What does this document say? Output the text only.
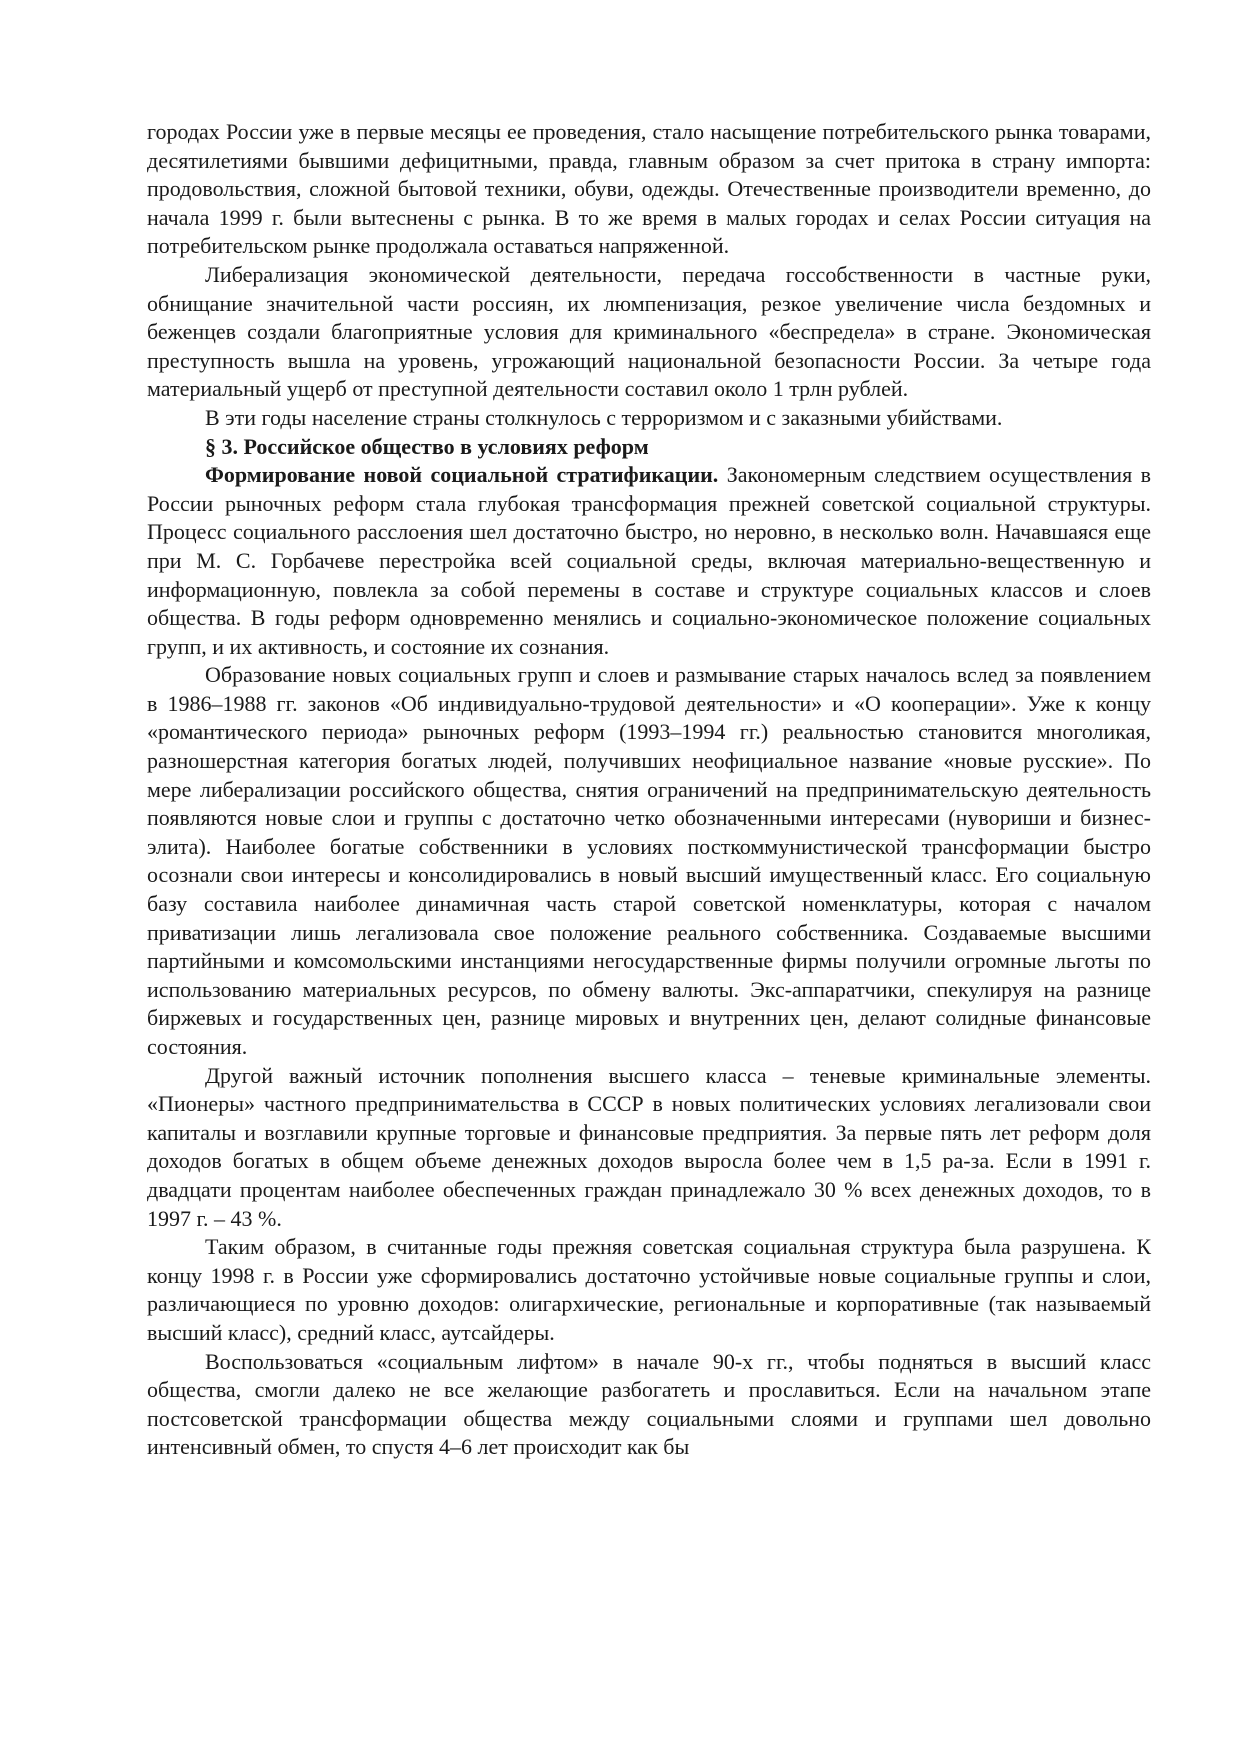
городах России уже в первые месяцы ее проведения, стало насыщение потребительского рынка товарами, десятилетиями бывшими дефицитными, правда, главным образом за счет притока в страну импорта: продовольствия, сложной бытовой техники, обуви, одежды. Отечественные производители временно, до начала 1999 г. были вытеснены с рынка. В то же время в малых городах и селах России ситуация на потребительском рынке продолжала оставаться напряженной.

Либерализация экономической деятельности, передача госсобственности в частные руки, обнищание значительной части россиян, их люмпенизация, резкое увеличение числа бездомных и беженцев создали благоприятные условия для криминального «беспредела» в стране. Экономическая преступность вышла на уровень, угрожающий национальной безопасности России. За четыре года материальный ущерб от преступной деятельности составил около 1 трлн рублей.

В эти годы население страны столкнулось с терроризмом и с заказными убийствами.

§ 3. Российское общество в условиях реформ

Формирование новой социальной стратификации. Закономерным следствием осуществления в России рыночных реформ стала глубокая трансформация прежней советской социальной структуры. Процесс социального расслоения шел достаточно быстро, но неровно, в несколько волн. Начавшаяся еще при М. С. Горбачеве перестройка всей социальной среды, включая материально-вещественную и информационную, повлекла за собой перемены в составе и структуре социальных классов и слоев общества. В годы реформ одновременно менялись и социально-экономическое положение социальных групп, и их активность, и состояние их сознания.

Образование новых социальных групп и слоев и размывание старых началось вслед за появлением в 1986–1988 гг. законов «Об индивидуально-трудовой деятельности» и «О кооперации». Уже к концу «романтического периода» рыночных реформ (1993–1994 гг.) реальностью становится многоликая, разношерстная категория богатых людей, получивших неофициальное название «новые русские». По мере либерализации российского общества, снятия ограничений на предпринимательскую деятельность появляются новые слои и группы с достаточно четко обозначенными интересами (нувориши и бизнес-элита). Наиболее богатые собственники в условиях посткоммунистической трансформации быстро осознали свои интересы и консолидировались в новый высший имущественный класс. Его социальную базу составила наиболее динамичная часть старой советской номенклатуры, которая с началом приватизации лишь легализовала свое положение реального собственника. Создаваемые высшими партийными и комсомольскими инстанциями негосударственные фирмы получили огромные льготы по использованию материальных ресурсов, по обмену валюты. Экс-аппаратчики, спекулируя на разнице биржевых и государственных цен, разнице мировых и внутренних цен, делают солидные финансовые состояния.

Другой важный источник пополнения высшего класса – теневые криминальные элементы. «Пионеры» частного предпринимательства в СССР в новых политических условиях легализовали свои капиталы и возглавили крупные торговые и финансовые предприятия. За первые пять лет реформ доля доходов богатых в общем объеме денежных доходов выросла более чем в 1,5 ра-за. Если в 1991 г. двадцати процентам наиболее обеспеченных граждан принадлежало 30 % всех денежных доходов, то в 1997 г. – 43 %.

Таким образом, в считанные годы прежняя советская социальная структура была разрушена. К концу 1998 г. в России уже сформировались достаточно устойчивые новые социальные группы и слои, различающиеся по уровню доходов: олигархические, региональные и корпоративные (так называемый высший класс), средний класс, аутсайдеры.

Воспользоваться «социальным лифтом» в начале 90-х гг., чтобы подняться в высший класс общества, смогли далеко не все желающие разбогатеть и прославиться. Если на начальном этапе постсоветской трансформации общества между социальными слоями и группами шел довольно интенсивный обмен, то спустя 4–6 лет происходит как бы
